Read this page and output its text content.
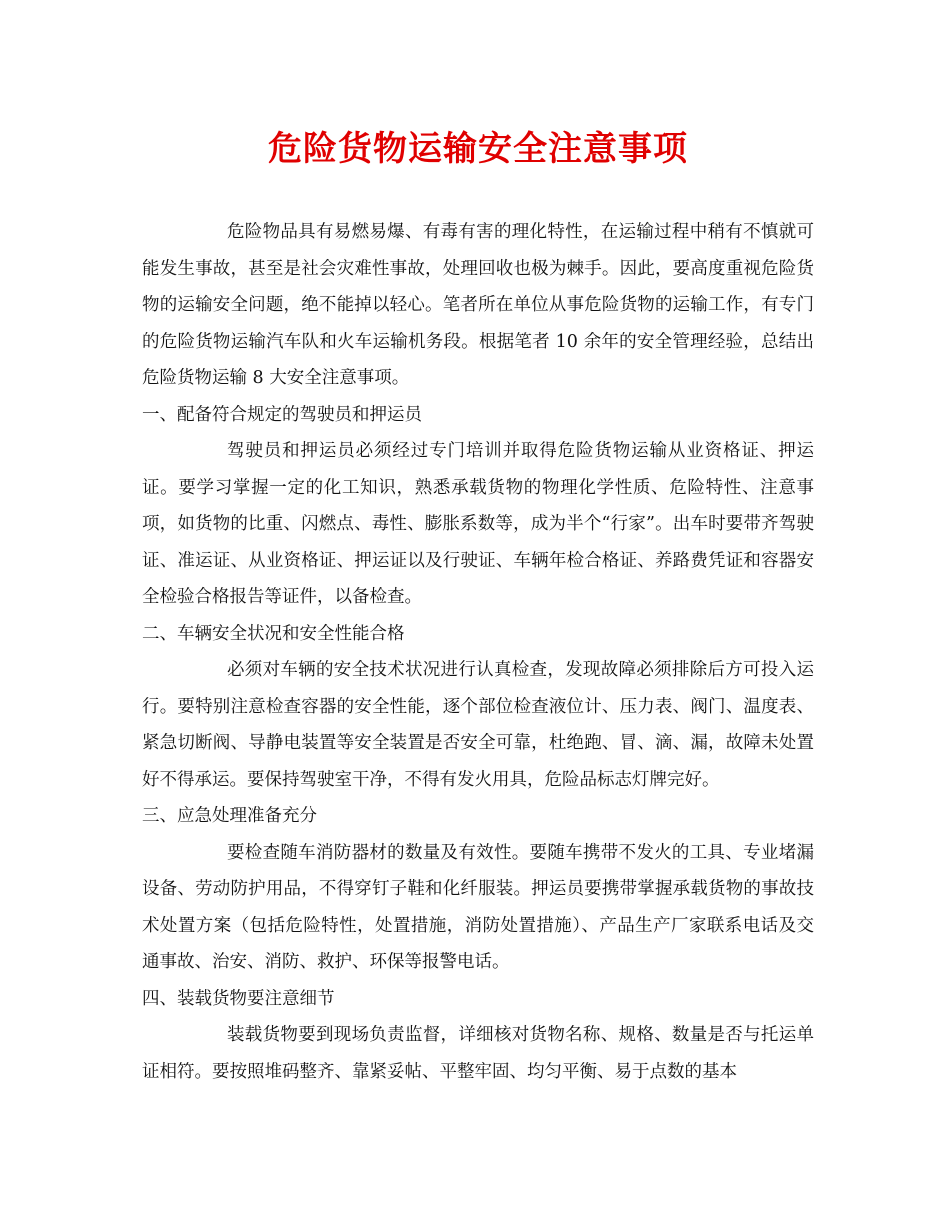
危险货物运输安全注意事项

危险物品具有易燃易爆、有毒有害的理化特性，在运输过程中稍有不慎就可能发生事故，甚至是社会灾难性事故，处理回收也极为棘手。因此，要高度重视危险货物的运输安全问题，绝不能掉以轻心。笔者所在单位从事危险货物的运输工作，有专门的危险货物运输汽车队和火车运输机务段。根据笔者 10 余年的安全管理经验，总结出危险货物运输 8 大安全注意事项。

一、配备符合规定的驾驶员和押运员

驾驶员和押运员必须经过专门培训并取得危险货物运输从业资格证、押运证。要学习掌握一定的化工知识，熟悉承载货物的物理化学性质、危险特性、注意事项，如货物的比重、闪燃点、毒性、膨胀系数等，成为半个“行家”。出车时要带齐驾驶证、准运证、从业资格证、押运证以及行驶证、车辆年检合格证、养路费凭证和容器安全检验合格报告等证件，以备检查。

二、车辆安全状况和安全性能合格

必须对车辆的安全技术状况进行认真检查，发现故障必须排除后方可投入运行。要特别注意检查容器的安全性能，逐个部位检查液位计、压力表、阀门、温度表、紧急切断阀、导静电装置等安全装置是否安全可靠，杜绝跑、冒、滴、漏，故障未处置好不得承运。要保持驾驶室干净，不得有发火用具，危险品标志灯牌完好。

三、应急处理准备充分

要检查随车消防器材的数量及有效性。要随车携带不发火的工具、专业堵漏设备、劳动防护用品，不得穿钉子鞋和化纤服装。押运员要携带掌握承载货物的事故技术处置方案（包括危险特性，处置措施，消防处置措施）、产品生产厂家联系电话及交通事故、治安、消防、救护、环保等报警电话。

四、装载货物要注意细节

装载货物要到现场负责监督，详细核对货物名称、规格、数量是否与托运单证相符。要按照堆码整齐、靠紧妥帖、平整牢固、均匀平衡、易于点数的基本
